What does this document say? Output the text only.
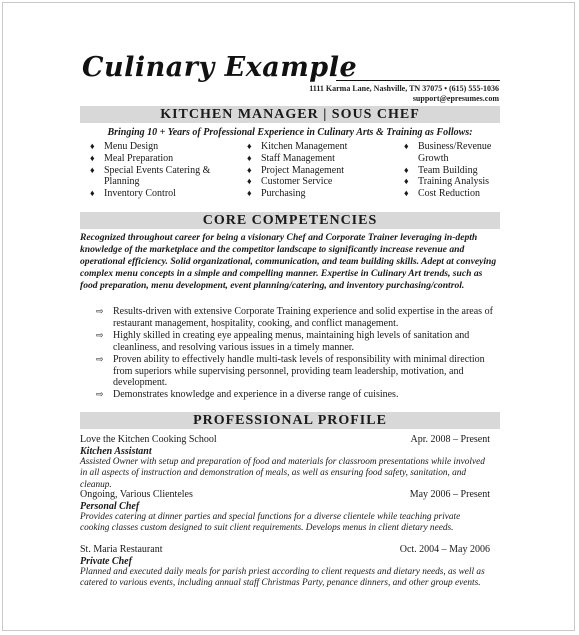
Culinary Example
1111 Karma Lane, Nashville, TN 37075 • (615) 555-1036
support@epresumes.com
KITCHEN MANAGER | SOUS CHEF
Bringing 10 + Years of Professional Experience in Culinary Arts & Training as Follows:
♦ Menu Design
♦ Meal Preparation
♦ Special Events Catering & Planning
♦ Inventory Control
♦ Kitchen Management
♦ Staff Management
♦ Project Management
♦ Customer Service
♦ Purchasing
♦ Business/Revenue Growth
♦ Team Building
♦ Training Analysis
♦ Cost Reduction
CORE COMPETENCIES
Recognized throughout career for being a visionary Chef and Corporate Trainer leveraging in-depth knowledge of the marketplace and the competitor landscape to significantly increase revenue and operational efficiency. Solid organizational, communication, and team building skills. Adept at conveying complex menu concepts in a simple and compelling manner. Expertise in Culinary Art trends, such as food preparation, menu development, event planning/catering, and inventory purchasing/control.
⇨ Results-driven with extensive Corporate Training experience and solid expertise in the areas of restaurant management, hospitality, cooking, and conflict management.
⇨ Highly skilled in creating eye appealing menus, maintaining high levels of sanitation and cleanliness, and resolving various issues in a timely manner.
⇨ Proven ability to effectively handle multi-task levels of responsibility with minimal direction from superiors while supervising personnel, providing team leadership, motivation, and development.
⇨ Demonstrates knowledge and experience in a diverse range of cuisines.
PROFESSIONAL PROFILE
Love the Kitchen Cooking School	Apr. 2008 – Present
Kitchen Assistant
Assisted Owner with setup and preparation of food and materials for classroom presentations while involved in all aspects of instruction and demonstration of meals, as well as ensuring food safety, sanitation, and cleanup.
Ongoing, Various Clienteles	May 2006 – Present
Personal Chef
Provides catering at dinner parties and special functions for a diverse clientele while teaching private cooking classes custom designed to suit client requirements. Develops menus in client dietary needs.
St. Maria Restaurant	Oct. 2004 – May 2006
Private Chef
Planned and executed daily meals for parish priest according to client requests and dietary needs, as well as catered to various events, including annual staff Christmas Party, penance dinners, and other group events.
